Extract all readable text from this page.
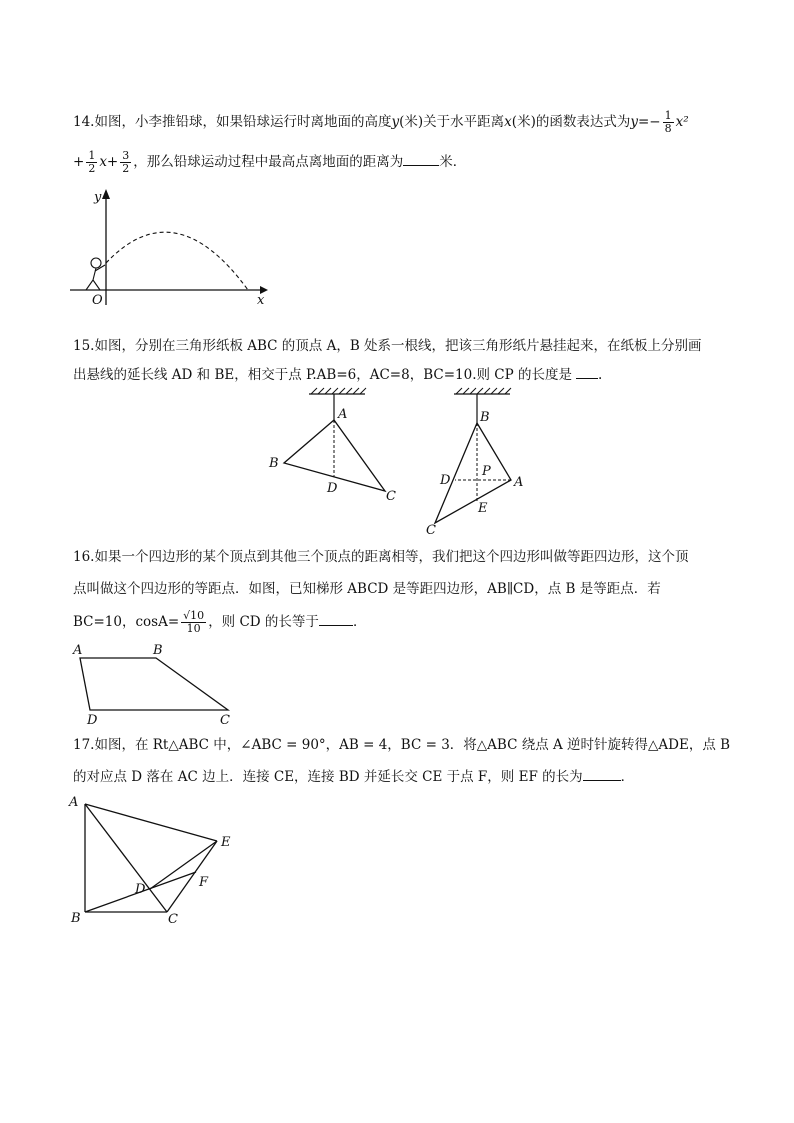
14.如图，小李推铅球，如果铅球运行时离地面的高度y(米)关于水平距离x(米)的函数表达式为$y=- \frac{1}{8} x^2$
+ $\frac{1}{2} x+ \frac{3}{2}$ ，那么铅球运动过程中最高点离地面的距离为	米．
y
x
O
15.如图，分别在三角形纸板 ABC 的顶点 A，B 处系一根线，把该三角形纸片悬挂起来，在纸板上分别画
出悬线的延长线 AD 和 BE，相交于点 P.AB=6，AC=8，BC=10.则 CP 的长度是 .
A
B
C
D
B
P
D	A
E
C
16.如果一个四边形的某个顶点到其他三个顶点的距离相等，我们把这个四边形叫做等距四边形，这个顶
点叫做这个四边形的等距点．如图，已知梯形 ABCD 是等距四边形，AB∥CD，点 B 是等距点．若
BC=10，$\cos A= \frac{√10}{10}$ ，则 CD 的长等于	．
A	B
D	C
17.如图，在 Rt△ABC 中，∠ABC = 90°，AB = 4，BC = 3．将△ABC 绕点 A 逆时针旋转得△ADE，点 B
的对应点 D 落在 AC 边上．连接 CE，连接 BD 并延长交 CE 于点 F，则 EF 的长为	．
A
B	C
D
E
F
